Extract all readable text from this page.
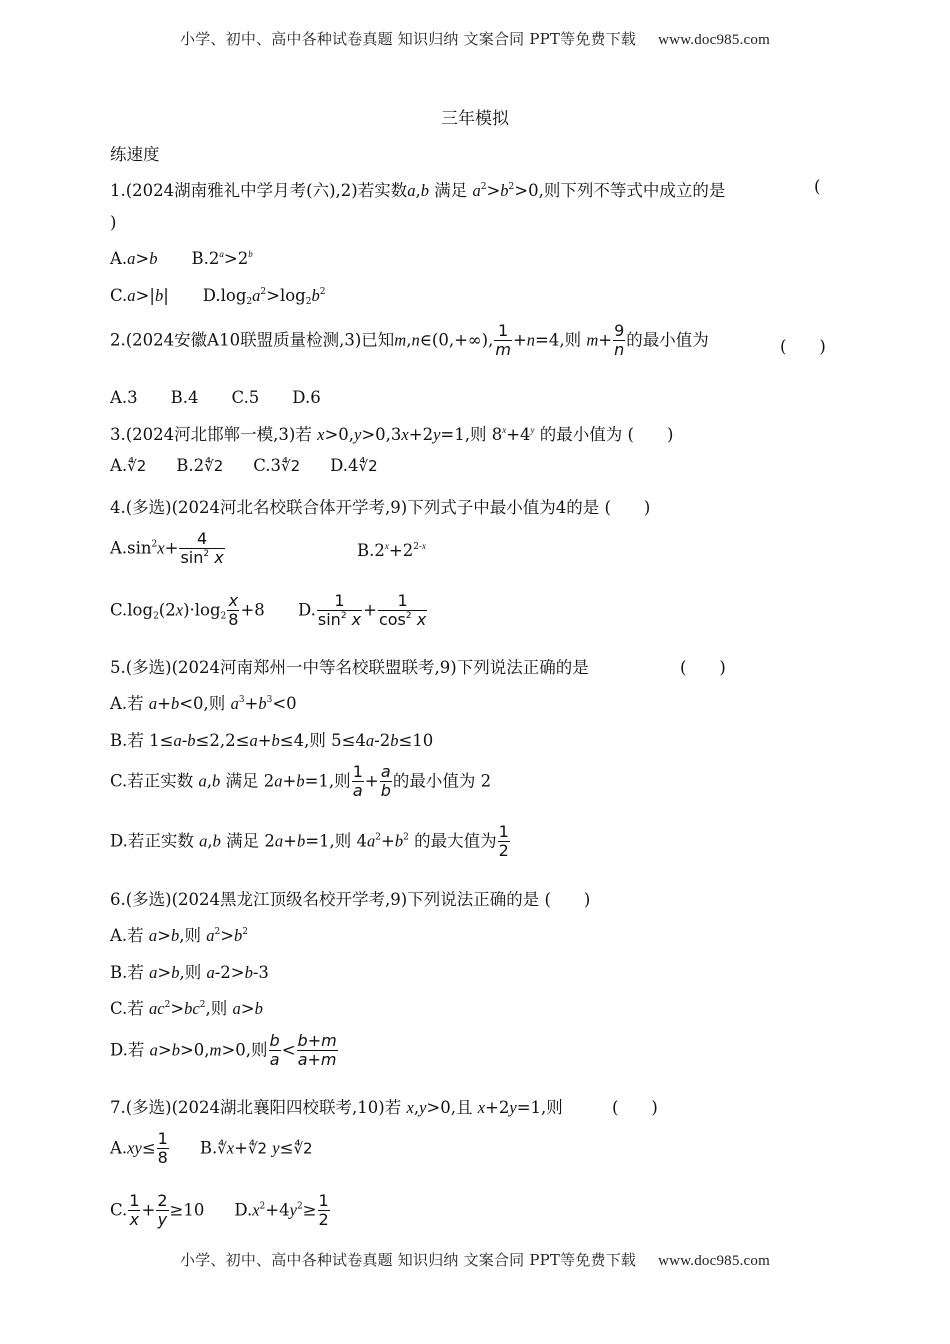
小学、初中、高中各种试卷真题 知识归纳 文案合同 PPT等免费下载 www.doc985.com
三年模拟
练速度
1.(2024湖南雅礼中学月考(六),2)若实数a,b 满足 $a^2>b^2>0$,则下列不等式中成立的是	(
)
A.a>b $B.2^a>2^b$
C.a>|b| $D.\log_2a^2>\log_2b^2$
2.(2024安徽A10联盟质量检测,3)已知m,n∈(0,+∞), $\frac{1}{m} +n=4$,则 $m+ \frac{9}{n}$ 的最小值为	(　　)
A.3　　B.4　　C.5　　D.6
3.(2024河北邯郸一模,3)若 x>0,y>0,3x+2y=1,则 $8^x+4^y$ 的最小值为 (　　)
A.∜2 B.2∜2 C.3∜2 D.4∜2
4.(多选)(2024河北名校联合体开学考,9)下列式子中最小值为4的是 (　　)
$A.\sin^2x+ \frac{4}{\sin^2 x}$	$B.2^x+2^{2-x}$
$C.\log_2(2x)\cdot\log_2 \frac{x}{8} +8$ D. $\frac{1}{\sin^2 x} + \frac{1}{\cos^2 x}$
5.(多选)(2024河南郑州一中等名校联盟联考,9)下列说法正确的是	(　　)
A.若 a+b<0,则 $a^3+b^3<0$
B.若 1≤a-b≤2,2≤a+b≤4,则 5≤4a-2b≤10
C.若正实数 a,b 满足 2a+b=1,则 $\frac{1}{a} + \frac{a}{b}$ 的最小值为 2
D.若正实数 a,b 满足 2a+b=1,则 $4a^2+b^2$ 的最大值为 $\frac{1}{2}$
6.(多选)(2024黑龙江顶级名校开学考,9)下列说法正确的是 (　　)
A.若 a>b,则 $a^2>b^2$
B.若 a>b,则 a-2>b-3
C.若 $ac^2>bc^2$,则 a>b
D.若 a>b>0,m>0,则 $\frac{b}{a} < \frac{b+m}{a+m}$
7.(多选)(2024湖北襄阳四校联考,10)若 x,y>0,且 x+2y=1,则	(　　)
$A.xy\le \frac{1}{8}$ B.∜x+∜2 y≤∜2
C. $\frac{1}{x} + \frac{2}{y} \ge 10$ $D.x^2+4y^2\ge \frac{1}{2}$
小学、初中、高中各种试卷真题 知识归纳 文案合同 PPT等免费下载 www.doc985.com
